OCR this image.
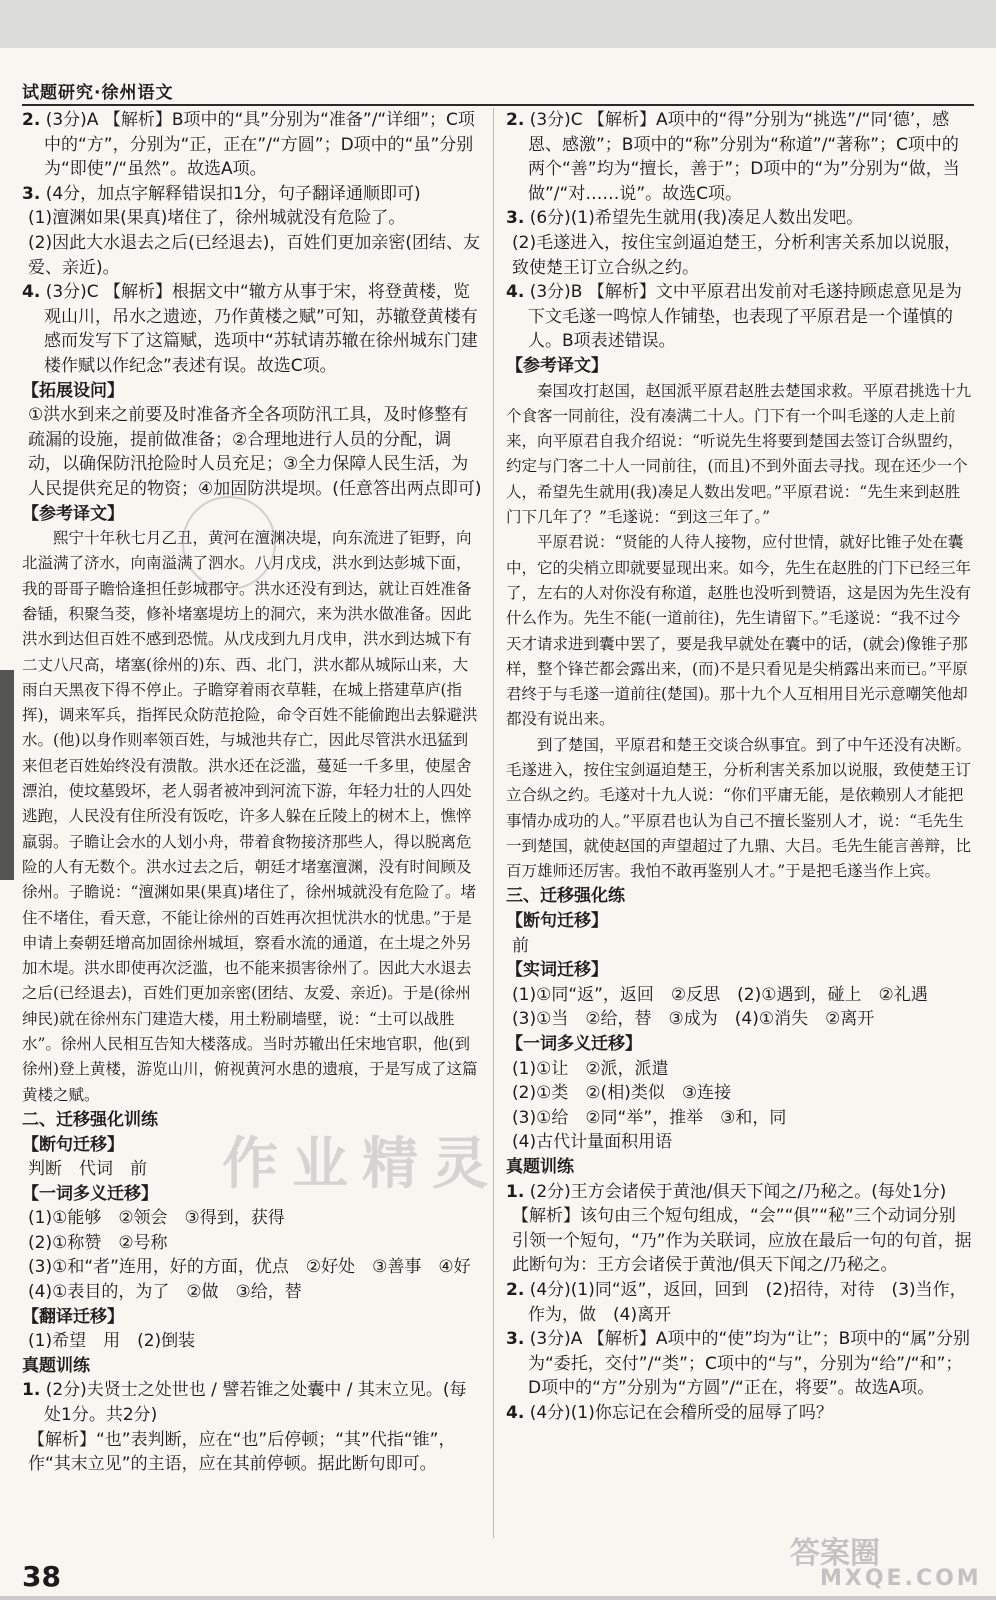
试题研究·徐州语文

2. (3分)A 【解析】B项中的“具”分别为“准备”/“详细”；C项中的“方”，分别为“正，正在”/“方圆”；D项中的“虽”分别为“即使”/“虽然”。故选A项。

3. (4分，加点字解释错误扣1分，句子翻译通顺即可)

(1)澶渊如果(果真)堵住了，徐州城就没有危险了。

(2)因此大水退去之后(已经退去)，百姓们更加亲密(团结、友爱、亲近)。

4. (3分)C 【解析】根据文中“辙方从事于宋，将登黄楼，览观山川，吊水之遗迹，乃作黄楼之赋”可知，苏辙登黄楼有感而发写下了这篇赋，选项中“苏轼请苏辙在徐州城东门建楼作赋以作纪念”表述有误。故选C项。

【拓展设问】

①洪水到来之前要及时准备齐全各项防汛工具，及时修整有疏漏的设施，提前做准备；②合理地进行人员的分配，调动，以确保防汛抢险时人员充足；③全力保障人民生活，为人民提供充足的物资；④加固防洪堤坝。(任意答出两点即可)

【参考译文】

熙宁十年秋七月乙丑，黄河在澶渊决堤，向东流进了钜野，向北溢满了济水，向南溢满了泗水。八月戊戌，洪水到达彭城下面，我的哥哥子瞻恰逢担任彭城郡守。洪水还没有到达，就让百姓准备畚锸，积聚刍茭，修补堵塞堤坊上的洞穴，来为洪水做准备。因此洪水到达但百姓不感到恐慌。从戊戌到九月戊申，洪水到达城下有二丈八尺高，堵塞(徐州的)东、西、北门，洪水都从城际山来，大雨白天黑夜下得不停止。子瞻穿着雨衣草鞋，在城上搭建草庐(指挥)，调来军兵，指挥民众防范抢险，命令百姓不能偷跑出去躲避洪水。(他)以身作则率领百姓，与城池共存亡，因此尽管洪水迅猛到来但老百姓始终没有溃散。洪水还在泛滥，蔓延一千多里，使屋舍漂泊，使坟墓毁坏，老人弱者被冲到河流下游，年轻力壮的人四处逃跑，人民没有住所没有饭吃，许多人躲在丘陵上的树木上，憔悴羸弱。子瞻让会水的人划小舟，带着食物接济那些人，得以脱离危险的人有无数个。洪水过去之后，朝廷才堵塞澶渊，没有时间顾及徐州。子瞻说：“澶渊如果(果真)堵住了，徐州城就没有危险了。堵住不堵住，看天意，不能让徐州的百姓再次担忧洪水的忧患。”于是申请上奏朝廷增高加固徐州城垣，察看水流的通道，在土堤之外另加木堤。洪水即使再次泛滥，也不能来损害徐州了。因此大水退去之后(已经退去)，百姓们更加亲密(团结、友爱、亲近)。于是(徐州绅民)就在徐州东门建造大楼，用土粉刷墙壁，说：“土可以战胜水”。徐州人民相互告知大楼落成。当时苏辙出任宋地官职，他(到徐州)登上黄楼，游览山川，俯视黄河水患的遗痕，于是写成了这篇黄楼之赋。

二、迁移强化训练

【断句迁移】

判断　代词　前

【一词多义迁移】

(1)①能够　②领会　③得到，获得

(2)①称赞　②号称

(3)①和“者”连用，好的方面，优点　②好处　③善事　④好

(4)①表目的，为了　②做　③给，替

【翻译迁移】

(1)希望　用　(2)倒装

真题训练

1. (2分)夫贤士之处世也 / 譬若锥之处囊中 / 其末立见。(每处1分。共2分)

【解析】“也”表判断，应在“也”后停顿；“其”代指“锥”，作“其末立见”的主语，应在其前停顿。据此断句即可。

2. (3分)C 【解析】A项中的“得”分别为“挑选”/“同‘德’，感恩、感激”；B项中的“称”分别为“称道”/“著称”；C项中的两个“善”均为“擅长，善于”；D项中的“为”分别为“做，当做”/“对……说”。故选C项。

3. (6分)(1)希望先生就用(我)凑足人数出发吧。

(2)毛遂进入，按住宝剑逼迫楚王，分析利害关系加以说服，致使楚王订立合纵之约。

4. (3分)B 【解析】文中平原君出发前对毛遂持顾虑意见是为下文毛遂一鸣惊人作铺垫，也表现了平原君是一个谨慎的人。B项表述错误。

【参考译文】

秦国攻打赵国，赵国派平原君赵胜去楚国求救。平原君挑选十九个食客一同前往，没有凑满二十人。门下有一个叫毛遂的人走上前来，向平原君自我介绍说：“听说先生将要到楚国去签订合纵盟约，约定与门客二十人一同前往，(而且)不到外面去寻找。现在还少一个人，希望先生就用(我)凑足人数出发吧。”平原君说：“先生来到赵胜门下几年了？”毛遂说：“到这三年了。”

平原君说：“贤能的人待人接物，应付世情，就好比锥子处在囊中，它的尖梢立即就要显现出来。如今，先生在赵胜的门下已经三年了，左右的人对你没有称道，赵胜也没听到赞语，这是因为先生没有什么作为。先生不能(一道前往)，先生请留下。”毛遂说：“我不过今天才请求进到囊中罢了，要是我早就处在囊中的话，(就会)像锥子那样，整个锋芒都会露出来，(而)不是只看见是尖梢露出来而已。”平原君终于与毛遂一道前往(楚国)。那十九个人互相用目光示意嘲笑他却都没有说出来。

到了楚国，平原君和楚王交谈合纵事宜。到了中午还没有决断。毛遂进入，按住宝剑逼迫楚王，分析利害关系加以说服，致使楚王订立合纵之约。毛遂对十九人说：“你们平庸无能，是依赖别人才能把事情办成功的人。”平原君也认为自己不擅长鉴别人才，说：“毛先生一到楚国，就使赵国的声望超过了九鼎、大吕。毛先生能言善辩，比百万雄师还厉害。我怕不敢再鉴别人才。”于是把毛遂当作上宾。

三、迁移强化练

【断句迁移】

前

【实词迁移】

(1)①同“返”，返回　②反思　(2)①遇到，碰上　②礼遇

(3)①当　②给，替　③成为　(4)①消失　②离开

【一词多义迁移】

(1)①让　②派，派遣

(2)①类　②(相)类似　③连接

(3)①给　②同“举”，推举　③和，同

(4)古代计量面积用语

真题训练

1. (2分)王方会诸侯于黄池/俱天下闻之/乃秘之。(每处1分)

【解析】该句由三个短句组成，“会”“俱”“秘”三个动词分别引领一个短句，“乃”作为关联词，应放在最后一句的句首，据此断句为：王方会诸侯于黄池/俱天下闻之/乃秘之。

2. (4分)(1)同“返”，返回，回到　(2)招待，对待　(3)当作，作为，做　(4)离开

3. (3分)A 【解析】A项中的“使”均为“让”；B项中的“属”分别为“委托，交付”/“类”；C项中的“与”，分别为“给”/“和”；D项中的“方”分别为“方圆”/“正在，将要”。故选A项。

4. (4分)(1)你忘记在会稽所受的屈辱了吗？

作业精灵
38
答案圈
MXQE.COM
